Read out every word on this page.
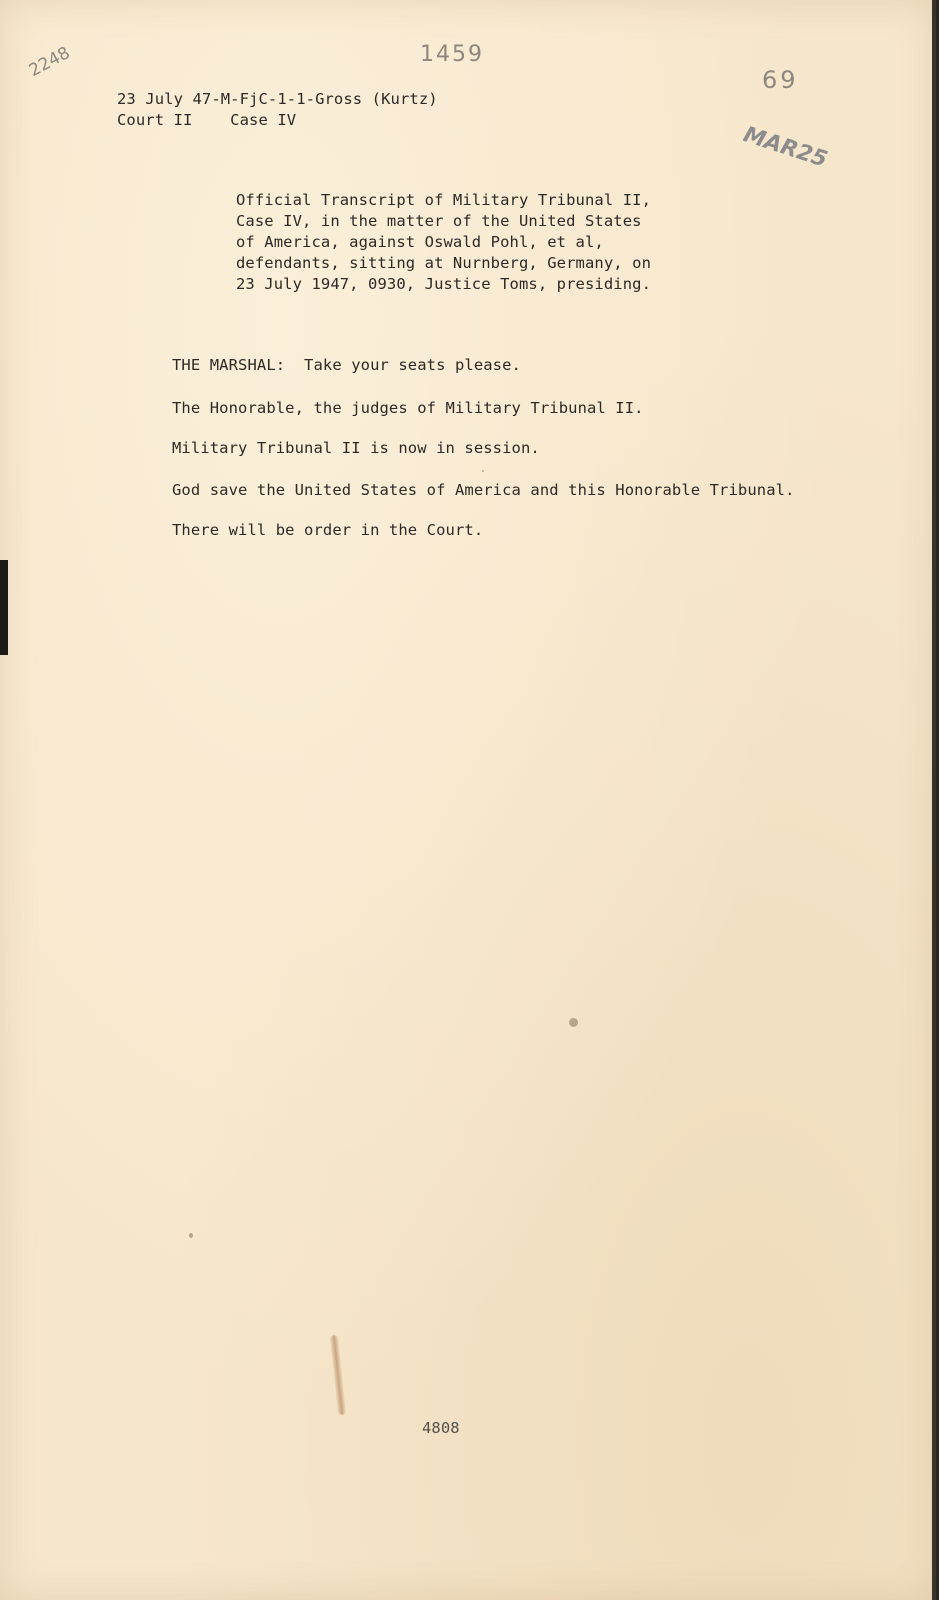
2248	1459
69
MAR25
23 July 47-M-FjC-1-1-Gross (Kurtz)
Court II    Case IV
Official Transcript of Military Tribunal II,
Case IV, in the matter of the United States
of America, against Oswald Pohl, et al,
defendants, sitting at Nurnberg, Germany, on
23 July 1947, 0930, Justice Toms, presiding.
THE MARSHAL:  Take your seats please.
The Honorable, the judges of Military Tribunal II.
Military Tribunal II is now in session.
God save the United States of America and this Honorable Tribunal.
There will be order in the Court.
4808
